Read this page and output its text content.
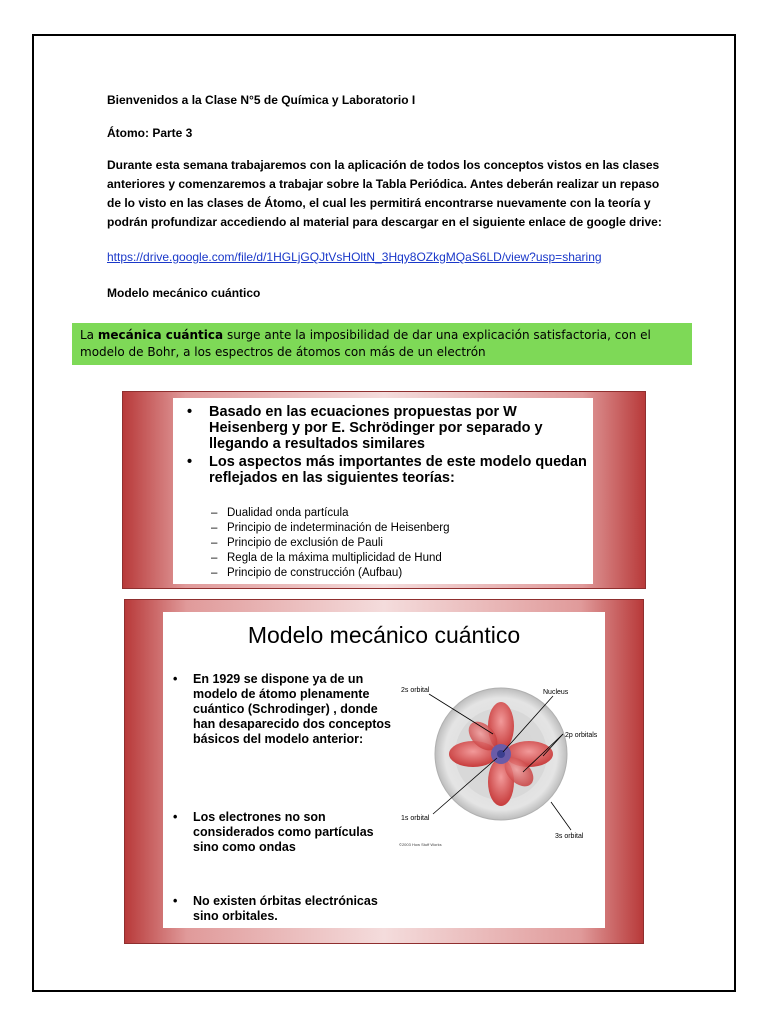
Bienvenidos a la Clase N°5 de Química y Laboratorio I

Átomo: Parte 3

Durante esta semana trabajaremos con la aplicación de todos los conceptos vistos en las clases anteriores y comenzaremos a trabajar sobre la Tabla Periódica. Antes deberán realizar un repaso de lo visto en las clases de Átomo, el cual les permitirá encontrarse nuevamente con la teoría y podrán profundizar accediendo al material para descargar en el siguiente enlace de google drive:

https://drive.google.com/file/d/1HGLjGQJtVsHOltN_3Hqy8OZkgMQaS6LD/view?usp=sharing

Modelo mecánico cuántico

La mecánica cuántica surge ante la imposibilidad de dar una explicación satisfactoria, con el modelo de Bohr, a los espectros de átomos con más de un electrón
• Basado en las ecuaciones propuestas por W Heisenberg y por E. Schrödinger por separado y llegando a resultados similares
• Los aspectos más importantes de este modelo quedan reflejados en las siguientes teorías:
– Dualidad onda partícula
– Principio de indeterminación de Heisenberg
– Principio de exclusión de Pauli
– Regla de la máxima multiplicidad de Hund
– Principio de construcción (Aufbau)
Modelo mecánico cuántico
• En 1929 se dispone ya de un modelo de átomo plenamente cuántico (Schrodinger) , donde han desaparecido dos conceptos básicos del modelo anterior:
• Los electrones no son considerados como partículas sino como ondas
• No existen órbitas electrónicas sino orbitales.
2s orbital	Nucleus
2p orbitals
1s orbital
3s orbital
©2003 How Stuff Works
